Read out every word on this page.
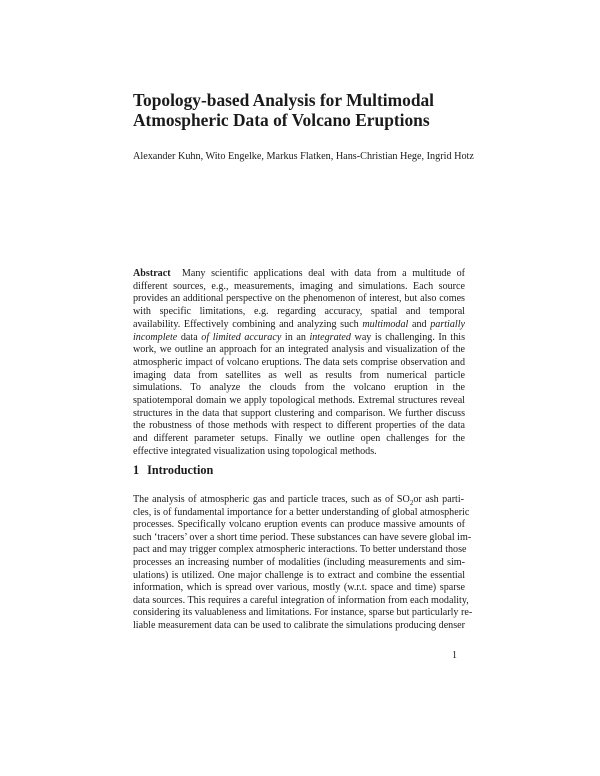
Topology-based Analysis for Multimodal
Atmospheric Data of Volcano Eruptions
Alexander Kuhn, Wito Engelke, Markus Flatken, Hans-Christian Hege, Ingrid Hotz
Abstract Many scientific applications deal with data from a multitude of different sources, e.g., measurements, imaging and simulations. Each source provides an additional perspective on the phenomenon of interest, but also comes with specific limitations, e.g. regarding accuracy, spatial and temporal availability. Effectively combining and analyzing such multimodal and partially incomplete data of limited accuracy in an integrated way is challenging. In this work, we outline an approach for an integrated analysis and visualization of the atmospheric impact of volcano eruptions. The data sets comprise observation and imaging data from satellites as well as results from numerical particle simulations. To analyze the clouds from the volcano eruption in the spatiotemporal domain we apply topological methods. Extremal structures reveal structures in the data that support clustering and comparison. We further discuss the robustness of those methods with respect to different properties of the data and different parameter setups. Finally we outline open challenges for the effective integrated visualization using topological methods.
1 Introduction
The analysis of atmospheric gas and particle traces, such as of $SO_2or$ ash parti-
cles, is of fundamental importance for a better understanding of global atmospheric
processes. Specifically volcano eruption events can produce massive amounts of
such ‘tracers’ over a short time period. These substances can have severe global im-
pact and may trigger complex atmospheric interactions. To better understand those
processes an increasing number of modalities (including measurements and sim-
ulations) is utilized. One major challenge is to extract and combine the essential
information, which is spread over various, mostly (w.r.t. space and time) sparse
data sources. This requires a careful integration of information from each modality,
considering its valuableness and limitations. For instance, sparse but particularly re-
liable measurement data can be used to calibrate the simulations producing denser
1
